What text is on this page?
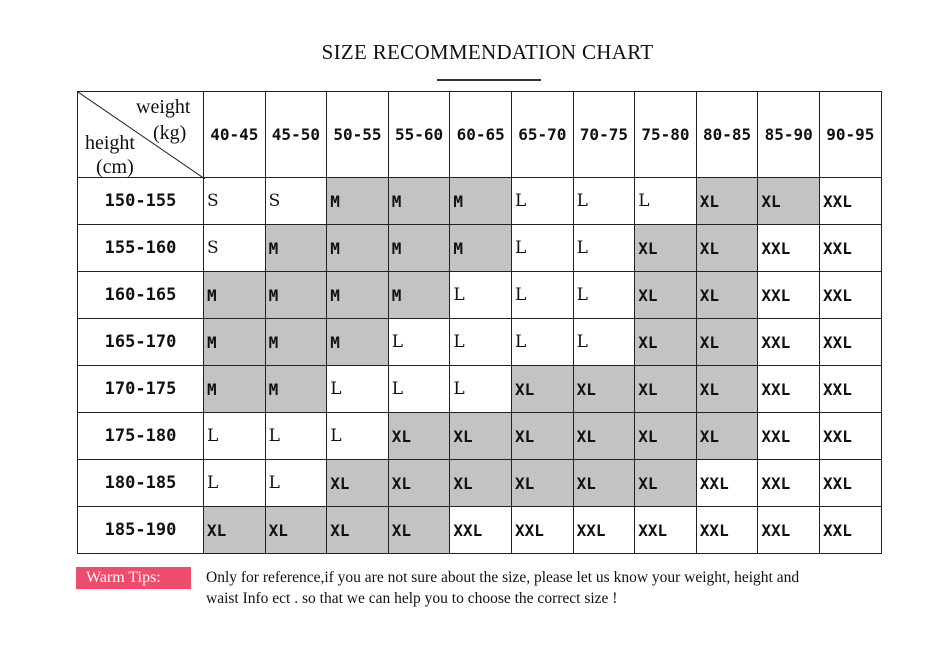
SIZE RECOMMENDATION CHART
weight
(kg)
height
(cm)
40-45 45-50 50-55 55-60 60-65 65-70 70-75 75-80 80-85 85-90 90-95
150-155	S	S	M	M	M	L	L	L	XL	XL	XXL
155-160	S	M	M	M	M	L	L	XL	XL	XXL	XXL
160-165	M	M	M	M	L	L	L	XL	XL	XXL	XXL
165-170	M	M	M	L	L	L	L	XL	XL	XXL	XXL
170-175	M	M	L	L	L	XL	XL	XL	XL	XXL	XXL
175-180	L	L	L	XL	XL	XL	XL	XL	XL	XXL	XXL
180-185	L	L	XL	XL	XL	XL	XL	XL	XXL	XXL	XXL
185-190	XL	XL	XL	XL	XXL	XXL	XXL	XXL	XXL	XXL	XXL
Warm Tips:	Only for reference,if you are not sure about the size, please let us know your weight, height and
waist Info ect . so that we can help you to choose the correct size !
